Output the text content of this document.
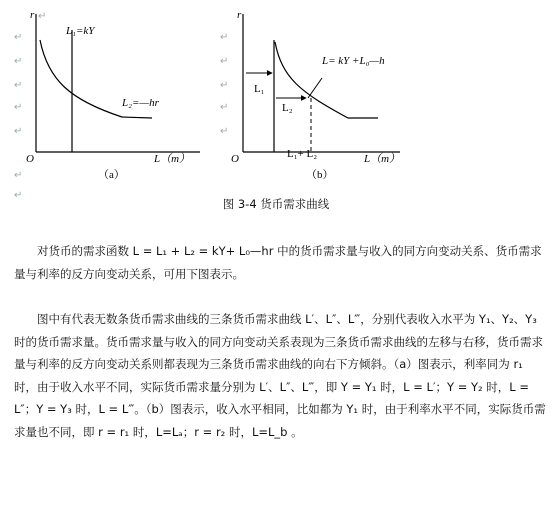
r ↵
L₁=kY
L₂=—hr
O	L（m）
（a）
↵
↵
↵
↵
↵
↵
↵
r
L= kY +L₀—h
L₁
L₂
L₁+ L₂
O	L（m）
（b）
↵
↵
↵
↵
↵
图 3-4 货币需求曲线

对货币的需求函数 L = L₁ + L₂ = kY+ L₀—hr 中的货币需求量与收入的同方向变动关系、货币需求量与利率的反方向变动关系，可用下图表示。

图中有代表无数条货币需求曲线的三条货币需求曲线 L′、L″、L‴，分别代表收入水平为 Y₁、Y₂、Y₃ 时的货币需求量。货币需求量与收入的同方向变动关系表现为三条货币需求曲线的左移与右移，货币需求量与利率的反方向变动关系则都表现为三条货币需求曲线的向右下方倾斜。（a）图表示，利率同为 r₁ 时，由于收入水平不同，实际货币需求量分别为 L′、L″、L‴，即 Y = Y₁ 时，L = L′；Y = Y₂ 时，L = L″；Y = Y₃ 时，L = L‴。（b）图表示，收入水平相同，比如都为 Y₁ 时，由于利率水平不同，实际货币需求量也不同，即 r = r₁ 时，L=Lₐ；r = r₂ 时，L=L_b 。
